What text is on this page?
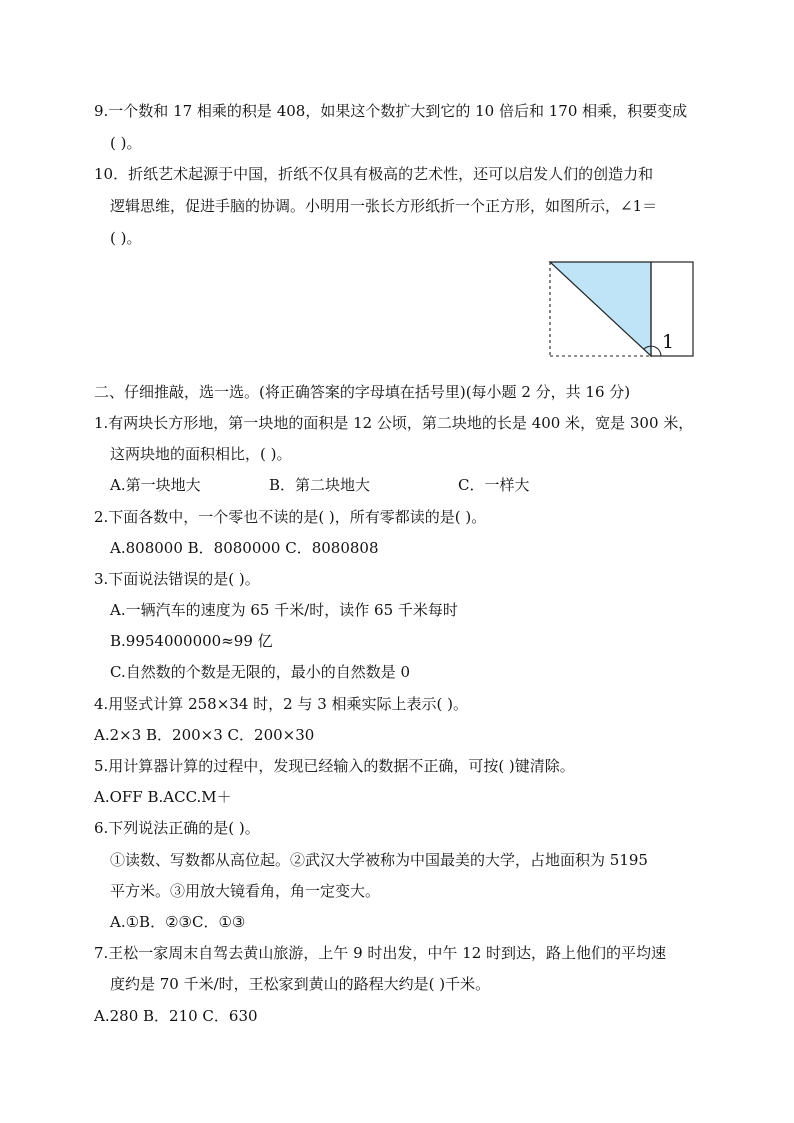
9.一个数和 17 相乘的积是 408，如果这个数扩大到它的 10 倍后和 170 相乘，积要变成
( )。
10．折纸艺术起源于中国，折纸不仅具有极高的艺术性，还可以启发人们的创造力和
逻辑思维，促进手脑的协调。小明用一张长方形纸折一个正方形，如图所示，∠1＝
( )。
1
二、仔细推敲，选一选。(将正确答案的字母填在括号里)(每小题 2 分，共 16 分)
1.有两块长方形地，第一块地的面积是 12 公顷，第二块地的长是 400 米，宽是 300 米，
这两块地的面积相比，( )。
A.第一块地大	B．第二块地大	C．一样大
2.下面各数中，一个零也不读的是( )，所有零都读的是( )。
A.808000 B．8080000 C．8080808
3.下面说法错误的是( )。
A.一辆汽车的速度为 65 千米/时，读作 65 千米每时
B.9954000000≈99 亿
C.自然数的个数是无限的，最小的自然数是 0
4.用竖式计算 258×34 时，2 与 3 相乘实际上表示( )。
A.2×3 B．200×3 C．200×30
5.用计算器计算的过程中，发现已经输入的数据不正确，可按( )键清除。
A.OFF B.ACC.M＋
6.下列说法正确的是( )。
①读数、写数都从高位起。②武汉大学被称为中国最美的大学，占地面积为 5195
平方米。③用放大镜看角，角一定变大。
A.①B．②③C．①③
7.王松一家周末自驾去黄山旅游，上午 9 时出发，中午 12 时到达，路上他们的平均速
度约是 70 千米/时，王松家到黄山的路程大约是( )千米。
A.280 B．210 C．630
